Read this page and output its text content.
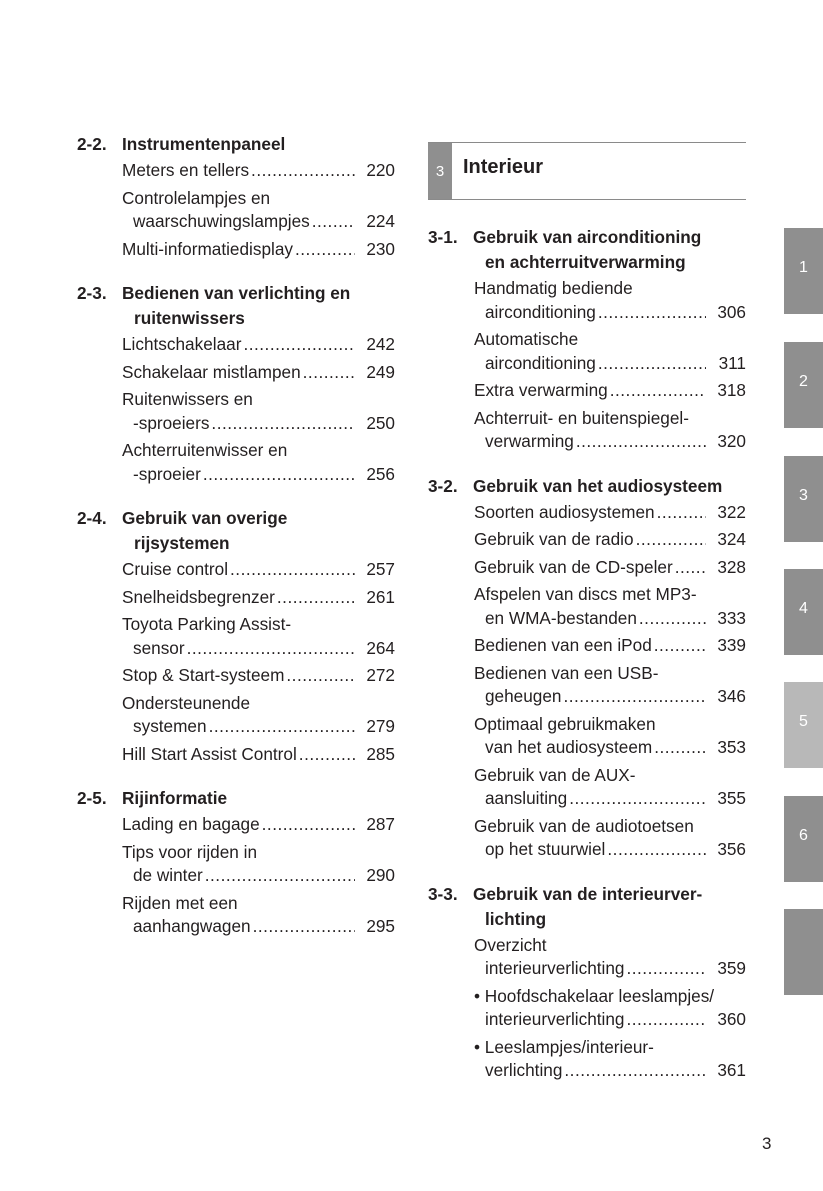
2-2. Instrumentenpaneel
Meters en tellers .....	220
Controlelampjes en
waarschuwingslampjes .....	224
Multi-informatiedisplay .....	230
2-3. Bedienen van verlichting en
ruitenwissers
Lichtschakelaar .....	242
Schakelaar mistlampen .....	249
Ruitenwissers en
-sproeiers .....	250
Achterruitenwisser en
-sproeier .....	256
2-4. Gebruik van overige
rijsystemen
Cruise control .....	257
Snelheidsbegrenzer .....	261
Toyota Parking Assist-
sensor .....	264
Stop & Start-systeem .....	272
Ondersteunende
systemen .....	279
Hill Start Assist Control .....	285
2-5. Rijinformatie
Lading en bagage .....	287
Tips voor rijden in
de winter .....	290
Rijden met een
aanhangwagen .....	295
3 Interieur
3-1. Gebruik van airconditioning
en achterruitverwarming
Handmatig bediende
airconditioning .....	306
Automatische
airconditioning .....	311
Extra verwarming .....	318
Achterruit- en buitenspiegel-
verwarming .....	320
3-2. Gebruik van het audiosysteem
Soorten audiosystemen .....	322
Gebruik van de radio .....	324
Gebruik van de CD-speler .....	328
Afspelen van discs met MP3-
en WMA-bestanden .....	333
Bedienen van een iPod .....	339
Bedienen van een USB-
geheugen .....	346
Optimaal gebruikmaken
van het audiosysteem .....	353
Gebruik van de AUX-
aansluiting .....	355
Gebruik van de audiotoetsen
op het stuurwiel .....	356
3-3. Gebruik van de interieurver-
lichting
Overzicht
interieurverlichting .....	359
• Hoofdschakelaar leeslampjes/
interieurverlichting .....	360
• Leeslampjes/interieur-
verlichting .....	361
1
2
3
4
5
6
3
